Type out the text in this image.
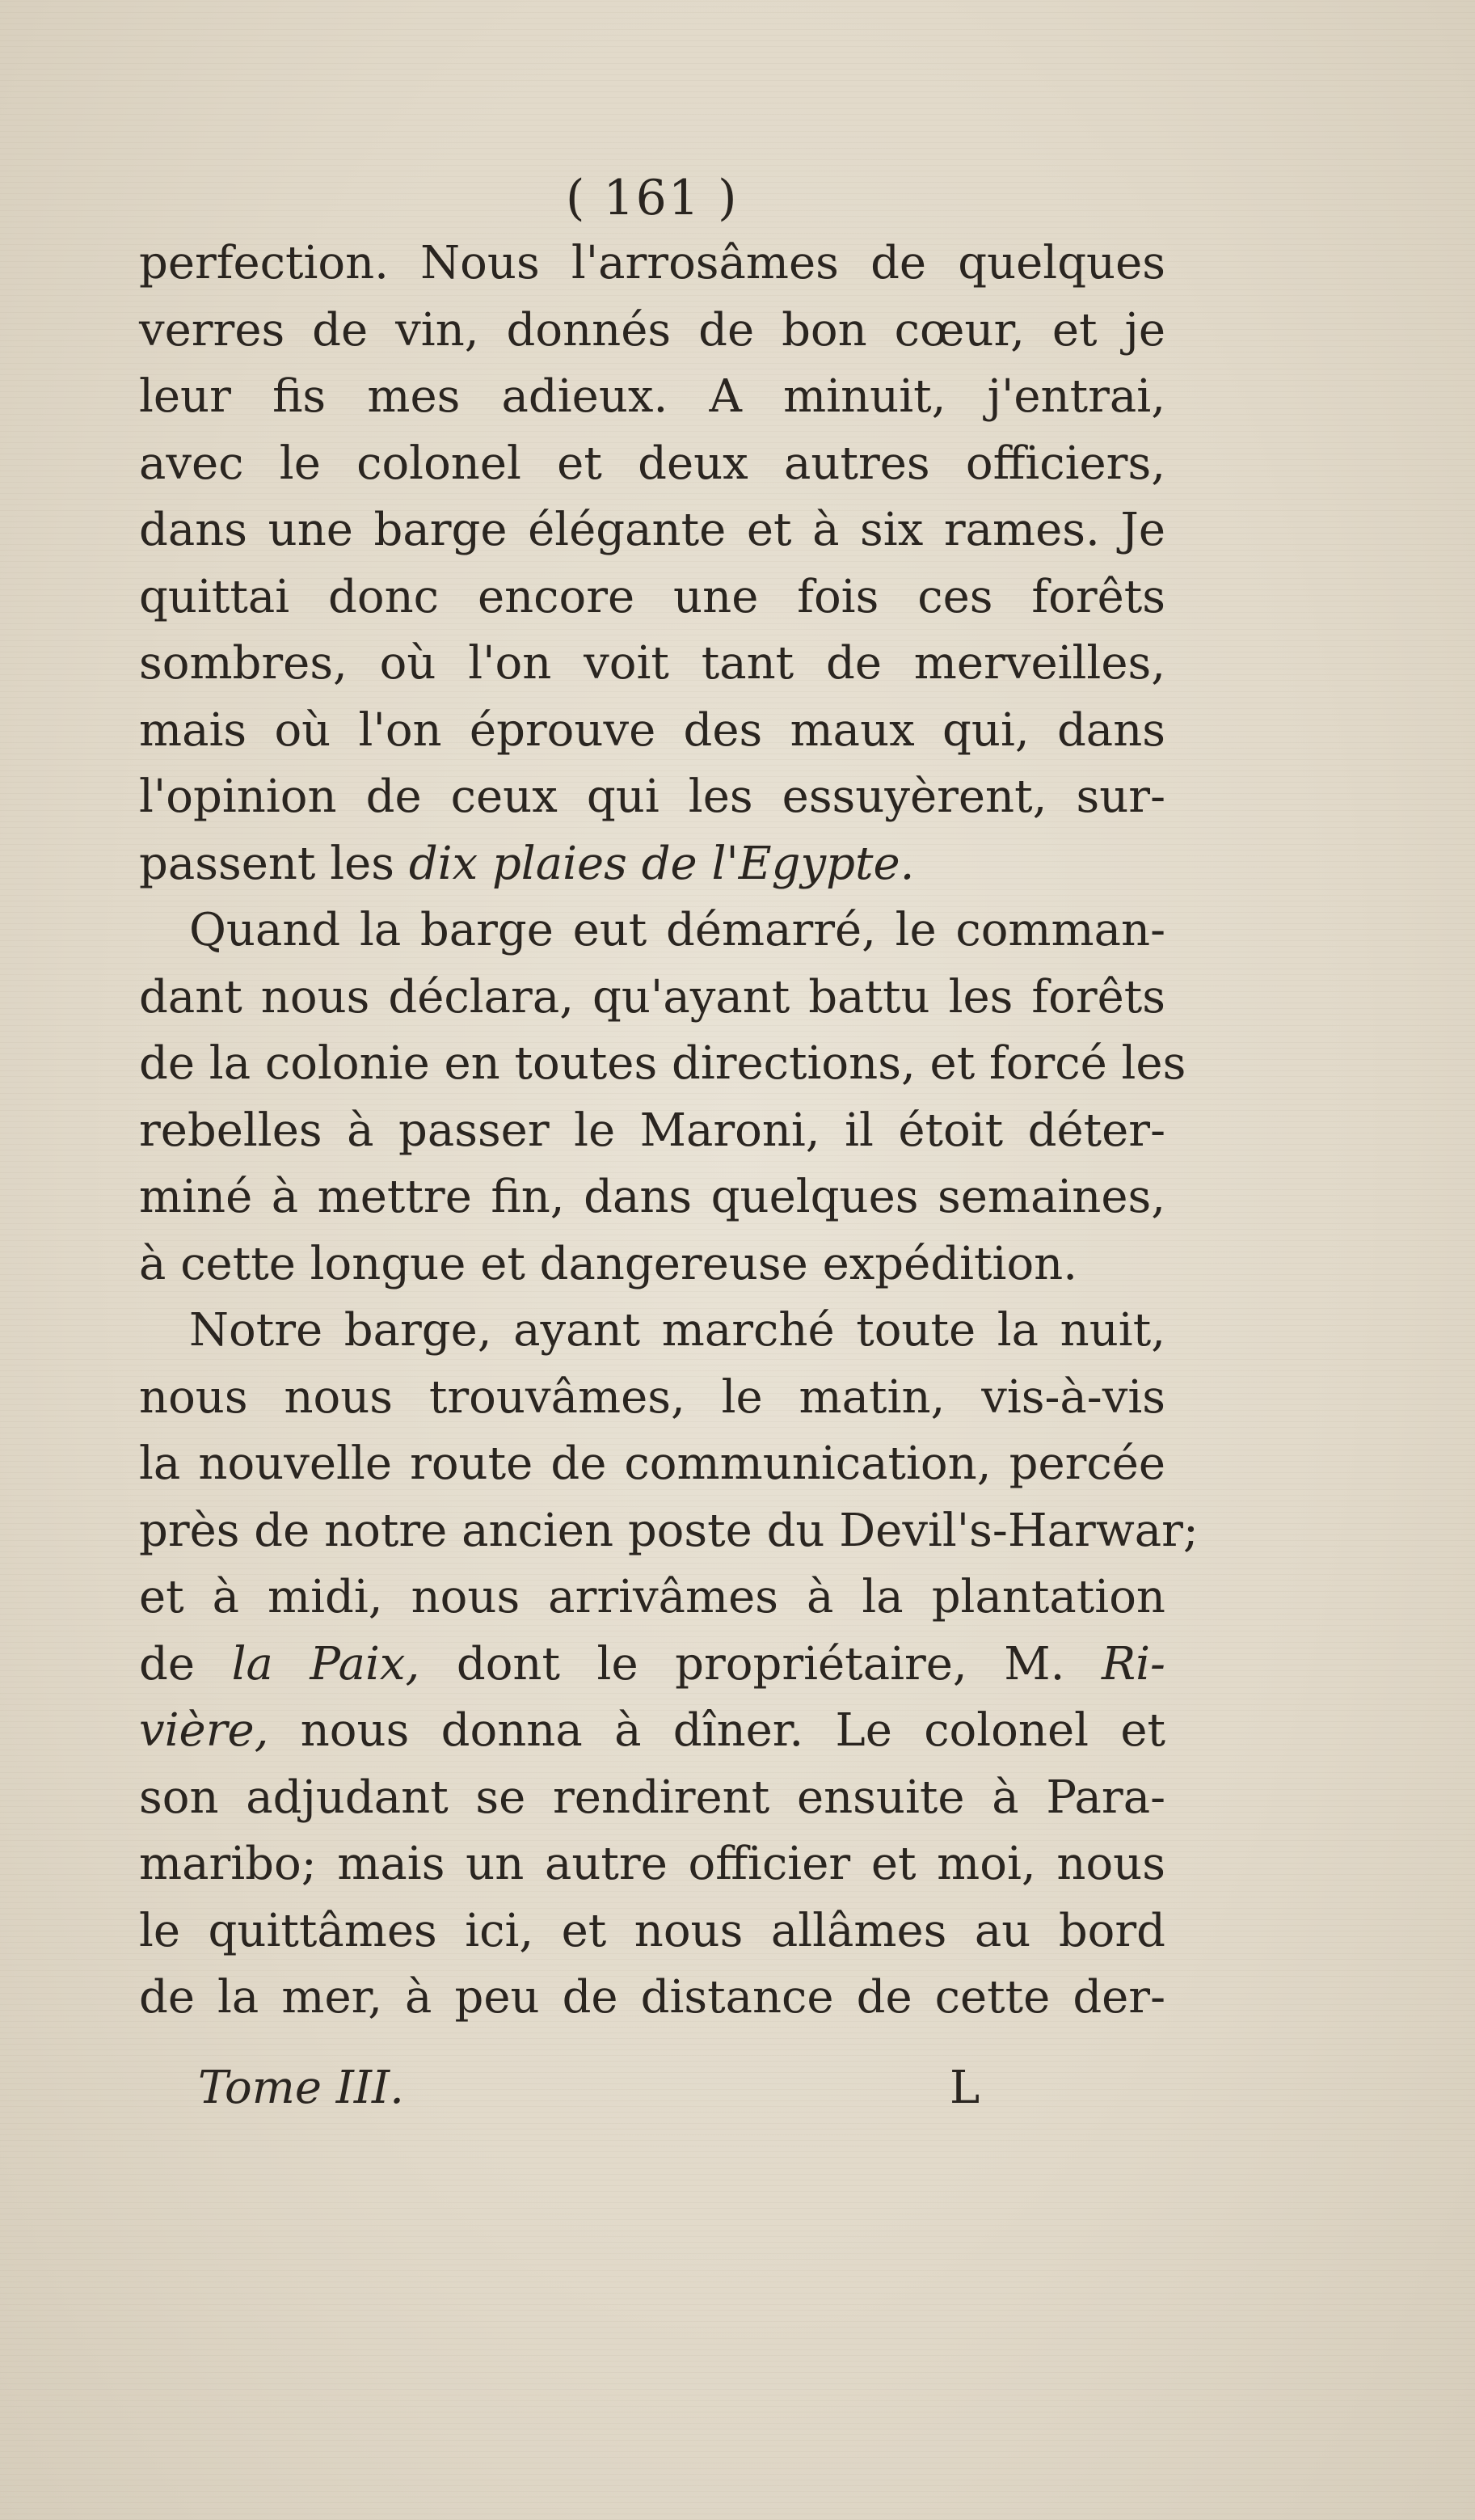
( 161 )
perfection. Nous l'arrosâmes de quelques
verres de vin, donnés de bon cœur, et je
leur fis mes adieux. A minuit, j'entrai,
avec le colonel et deux autres officiers,
dans une barge élégante et à six rames. Je
quittai donc encore une fois ces forêts
sombres, où l'on voit tant de merveilles,
mais où l'on éprouve des maux qui, dans
l'opinion de ceux qui les essuyèrent, sur-
passent les dix plaies de l'Egypte.
Quand la barge eut démarré, le comman-
dant nous déclara, qu'ayant battu les forêts
de la colonie en toutes directions, et forcé les
rebelles à passer le Maroni, il étoit déter-
miné à mettre fin, dans quelques semaines,
à cette longue et dangereuse expédition.
Notre barge, ayant marché toute la nuit,
nous nous trouvâmes, le matin, vis-à-vis
la nouvelle route de communication, percée
près de notre ancien poste du Devil's-Harwar;
et à midi, nous arrivâmes à la plantation
de la Paix, dont le propriétaire, M. Ri-
vière, nous donna à dîner. Le colonel et
son adjudant se rendirent ensuite à Para-
maribo; mais un autre officier et moi, nous
le quittâmes ici, et nous allâmes au bord
de la mer, à peu de distance de cette der-
Tome III.	L
